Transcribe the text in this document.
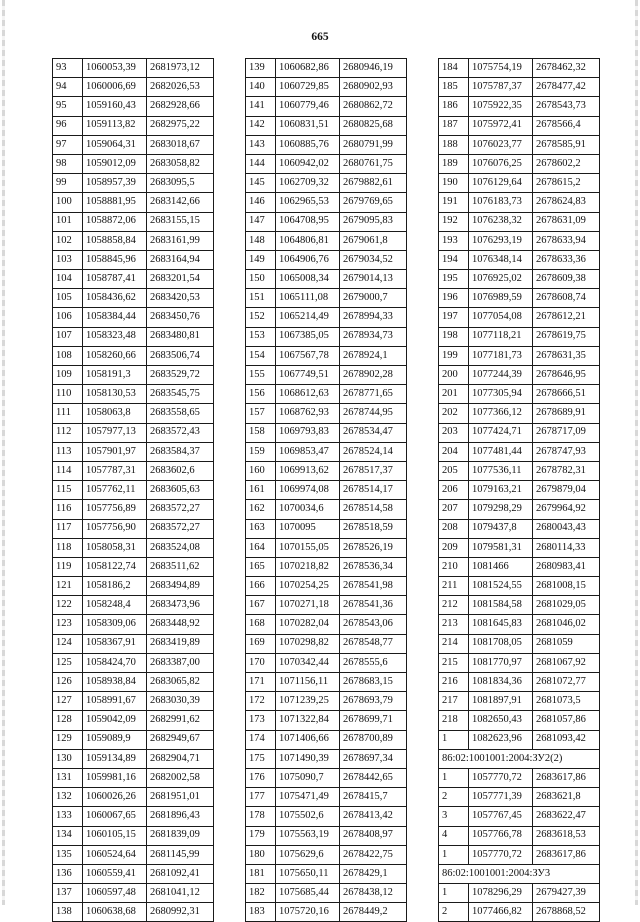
665
93	1060053,39	2681973,12
94	1060006,69	2682026,53
95	1059160,43	2682928,66
96	1059113,82	2682975,22
97	1059064,31	2683018,67
98	1059012,09	2683058,82
99	1058957,39	2683095,5
100	1058881,95	2683142,66
101	1058872,06	2683155,15
102	1058858,84	2683161,99
103	1058845,96	2683164,94
104	1058787,41	2683201,54
105	1058436,62	2683420,53
106	1058384,44	2683450,76
107	1058323,48	2683480,81
108	1058260,66	2683506,74
109	1058191,3	2683529,72
110	1058130,53	2683545,75
111	1058063,8	2683558,65
112	1057977,13	2683572,43
113	1057901,97	2683584,37
114	1057787,31	2683602,6
115	1057762,11	2683605,63
116	1057756,89	2683572,27
117	1057756,90	2683572,27
118	1058058,31	2683524,08
119	1058122,74	2683511,62
121	1058186,2	2683494,89
122	1058248,4	2683473,96
123	1058309,06	2683448,92
124	1058367,91	2683419,89
125	1058424,70	2683387,00
126	1058938,84	2683065,82
127	1058991,67	2683030,39
128	1059042,09	2682991,62
129	1059089,9	2682949,67
130	1059134,89	2682904,71
131	1059981,16	2682002,58
132	1060026,26	2681951,01
133	1060067,65	2681896,43
134	1060105,15	2681839,09
135	1060524,64	2681145,99
136	1060559,41	2681092,41
137	1060597,48	2681041,12
138	1060638,68	2680992,31
139	1060682,86	2680946,19
140	1060729,85	2680902,93
141	1060779,46	2680862,72
142	1060831,51	2680825,68
143	1060885,76	2680791,99
144	1060942,02	2680761,75
145	1062709,32	2679882,61
146	1062965,53	2679769,65
147	1064708,95	2679095,83
148	1064806,81	2679061,8
149	1064906,76	2679034,52
150	1065008,34	2679014,13
151	1065111,08	2679000,7
152	1065214,49	2678994,33
153	1067385,05	2678934,73
154	1067567,78	2678924,1
155	1067749,51	2678902,28
156	1068612,63	2678771,65
157	1068762,93	2678744,95
158	1069793,83	2678534,47
159	1069853,47	2678524,14
160	1069913,62	2678517,37
161	1069974,08	2678514,17
162	1070034,6	2678514,58
163	1070095	2678518,59
164	1070155,05	2678526,19
165	1070218,82	2678536,34
166	1070254,25	2678541,98
167	1070271,18	2678541,36
168	1070282,04	2678543,06
169	1070298,82	2678548,77
170	1070342,44	2678555,6
171	1071156,11	2678683,15
172	1071239,25	2678693,79
173	1071322,84	2678699,71
174	1071406,66	2678700,89
175	1071490,39	2678697,34
176	1075090,7	2678442,65
177	1075471,49	2678415,7
178	1075502,6	2678413,42
179	1075563,19	2678408,97
180	1075629,6	2678422,75
181	1075650,11	2678429,1
182	1075685,44	2678438,12
183	1075720,16	2678449,2
184	1075754,19	2678462,32
185	1075787,37	2678477,42
186	1075922,35	2678543,73
187	1075972,41	2678566,4
188	1076023,77	2678585,91
189	1076076,25	2678602,2
190	1076129,64	2678615,2
191	1076183,73	2678624,83
192	1076238,32	2678631,09
193	1076293,19	2678633,94
194	1076348,14	2678633,36
195	1076925,02	2678609,38
196	1076989,59	2678608,74
197	1077054,08	2678612,21
198	1077118,21	2678619,75
199	1077181,73	2678631,35
200	1077244,39	2678646,95
201	1077305,94	2678666,51
202	1077366,12	2678689,91
203	1077424,71	2678717,09
204	1077481,44	2678747,93
205	1077536,11	2678782,31
206	1079163,21	2679879,04
207	1079298,29	2679964,92
208	1079437,8	2680043,43
209	1079581,31	2680114,33
210	1081466	2680983,41
211	1081524,55	2681008,15
212	1081584,58	2681029,05
213	1081645,83	2681046,02
214	1081708,05	2681059
215	1081770,97	2681067,92
216	1081834,36	2681072,77
217	1081897,91	2681073,5
218	1082650,43	2681057,86
1	1082623,96	2681093,42
86:02:1001001:2004:ЗУ2(2)		
1	1057770,72	2683617,86
2	1057771,39	2683621,8
3	1057767,45	2683622,47
4	1057766,78	2683618,53
1	1057770,72	2683617,86
86:02:1001001:2004:ЗУ3		
1	1078296,29	2679427,39
2	1077466,82	2678868,52
